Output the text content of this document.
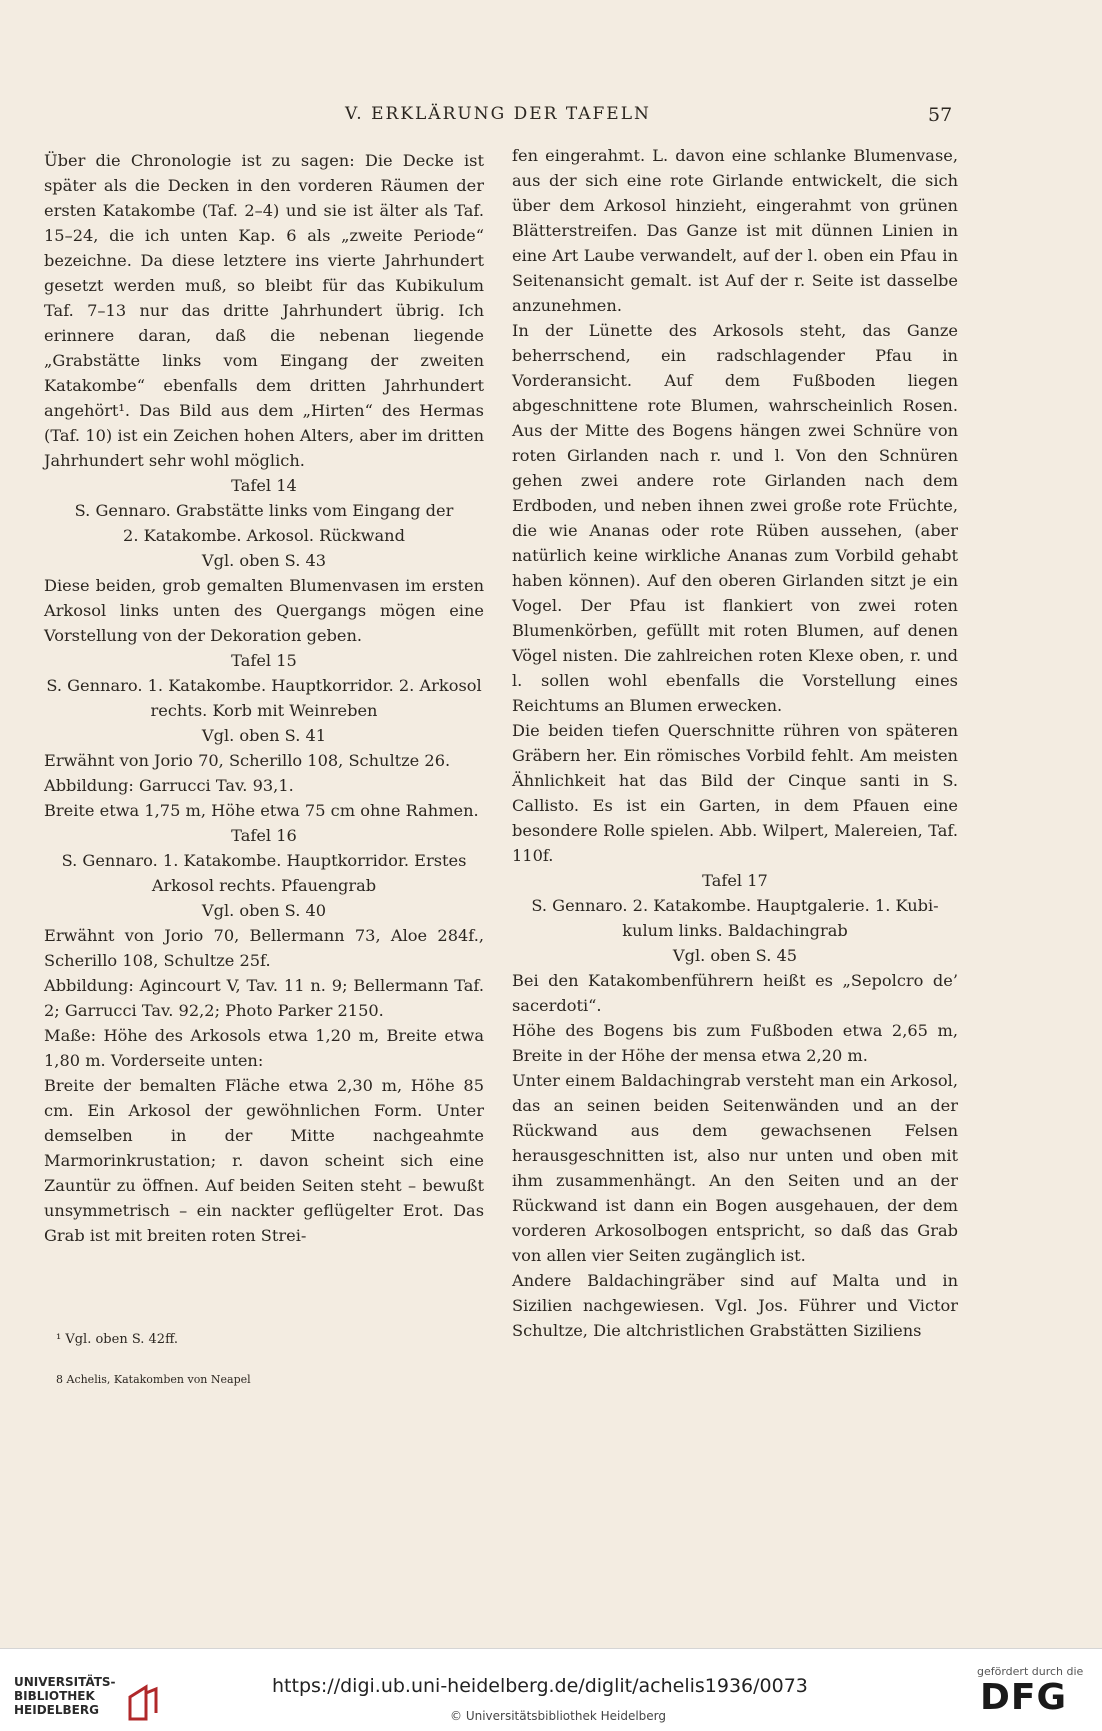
V. ERKLÄRUNG DER TAFELN	57

Über die Chronologie ist zu sagen: Die Decke ist später als die Decken in den vorderen Räumen der ersten Katakombe (Taf. 2–4) und sie ist älter als Taf. 15–24, die ich unten Kap. 6 als „zweite Periode“ bezeichne. Da diese letztere ins vierte Jahrhundert gesetzt werden muß, so bleibt für das Kubikulum Taf. 7–13 nur das dritte Jahrhundert übrig. Ich erinnere daran, daß die nebenan liegende „Grabstätte links vom Eingang der zweiten Katakombe“ ebenfalls dem dritten Jahrhundert angehört¹. Das Bild aus dem „Hirten“ des Hermas (Taf. 10) ist ein Zeichen hohen Alters, aber im dritten Jahrhundert sehr wohl möglich.

Tafel 14

S. Gennaro. Grabstätte links vom Eingang der

2. Katakombe. Arkosol. Rückwand

Vgl. oben S. 43

Diese beiden, grob gemalten Blumenvasen im ersten Arkosol links unten des Quergangs mögen eine Vorstellung von der Dekoration geben.

Tafel 15

S. Gennaro. 1. Katakombe. Hauptkorridor. 2. Arkosol

rechts. Korb mit Weinreben

Vgl. oben S. 41

Erwähnt von Jorio 70, Scherillo 108, Schultze 26.

Abbildung: Garrucci Tav. 93,1.

Breite etwa 1,75 m, Höhe etwa 75 cm ohne Rahmen.

Tafel 16

S. Gennaro. 1. Katakombe. Hauptkorridor. Erstes

Arkosol rechts. Pfauengrab

Vgl. oben S. 40

Erwähnt von Jorio 70, Bellermann 73, Aloe 284f., Scherillo 108, Schultze 25f.

Abbildung: Agincourt V, Tav. 11 n. 9; Bellermann Taf. 2; Garrucci Tav. 92,2; Photo Parker 2150.

Maße: Höhe des Arkosols etwa 1,20 m, Breite etwa 1,80 m. Vorderseite unten:

Breite der bemalten Fläche etwa 2,30 m, Höhe 85 cm. Ein Arkosol der gewöhnlichen Form. Unter demselben in der Mitte nachgeahmte Marmorinkrustation; r. davon scheint sich eine Zauntür zu öffnen. Auf beiden Seiten steht – bewußt unsymmetrisch – ein nackter geflügelter Erot. Das Grab ist mit breiten roten Strei-

¹ Vgl. oben S. 42ff.
8 Achelis, Katakomben von Neapel

fen eingerahmt. L. davon eine schlanke Blumenvase, aus der sich eine rote Girlande entwickelt, die sich über dem Arkosol hinzieht, eingerahmt von grünen Blätterstreifen. Das Ganze ist mit dünnen Linien in eine Art Laube verwandelt, auf der l. oben ein Pfau in Seitenansicht gemalt. ist Auf der r. Seite ist dasselbe anzunehmen.

In der Lünette des Arkosols steht, das Ganze beherrschend, ein radschlagender Pfau in Vorderansicht. Auf dem Fußboden liegen abgeschnittene rote Blumen, wahrscheinlich Rosen. Aus der Mitte des Bogens hängen zwei Schnüre von roten Girlanden nach r. und l. Von den Schnüren gehen zwei andere rote Girlanden nach dem Erdboden, und neben ihnen zwei große rote Früchte, die wie Ananas oder rote Rüben aussehen, (aber natürlich keine wirkliche Ananas zum Vorbild gehabt haben können). Auf den oberen Girlanden sitzt je ein Vogel. Der Pfau ist flankiert von zwei roten Blumenkörben, gefüllt mit roten Blumen, auf denen Vögel nisten. Die zahlreichen roten Klexe oben, r. und l. sollen wohl ebenfalls die Vorstellung eines Reichtums an Blumen erwecken.

Die beiden tiefen Querschnitte rühren von späteren Gräbern her. Ein römisches Vorbild fehlt. Am meisten Ähnlichkeit hat das Bild der Cinque santi in S. Callisto. Es ist ein Garten, in dem Pfauen eine besondere Rolle spielen. Abb. Wilpert, Malereien, Taf. 110f.

Tafel 17

S. Gennaro. 2. Katakombe. Hauptgalerie. 1. Kubi-

kulum links. Baldachingrab

Vgl. oben S. 45

Bei den Katakombenführern heißt es „Sepolcro de’ sacerdoti“.

Höhe des Bogens bis zum Fußboden etwa 2,65 m, Breite in der Höhe der mensa etwa 2,20 m.

Unter einem Baldachingrab versteht man ein Arkosol, das an seinen beiden Seitenwänden und an der Rückwand aus dem gewachsenen Felsen herausgeschnitten ist, also nur unten und oben mit ihm zusammenhängt. An den Seiten und an der Rückwand ist dann ein Bogen ausgehauen, der dem vorderen Arkosolbogen entspricht, so daß das Grab von allen vier Seiten zugänglich ist.

Andere Baldachingräber sind auf Malta und in Sizilien nachgewiesen. Vgl. Jos. Führer und Victor Schultze, Die altchristlichen Grabstätten Siziliens

UNIVERSITÄTS-
BIBLIOTHEK
HEIDELBERG
https://digi.ub.uni-heidelberg.de/diglit/achelis1936/0073
© Universitätsbibliothek Heidelberg
gefördert durch die
DFG
